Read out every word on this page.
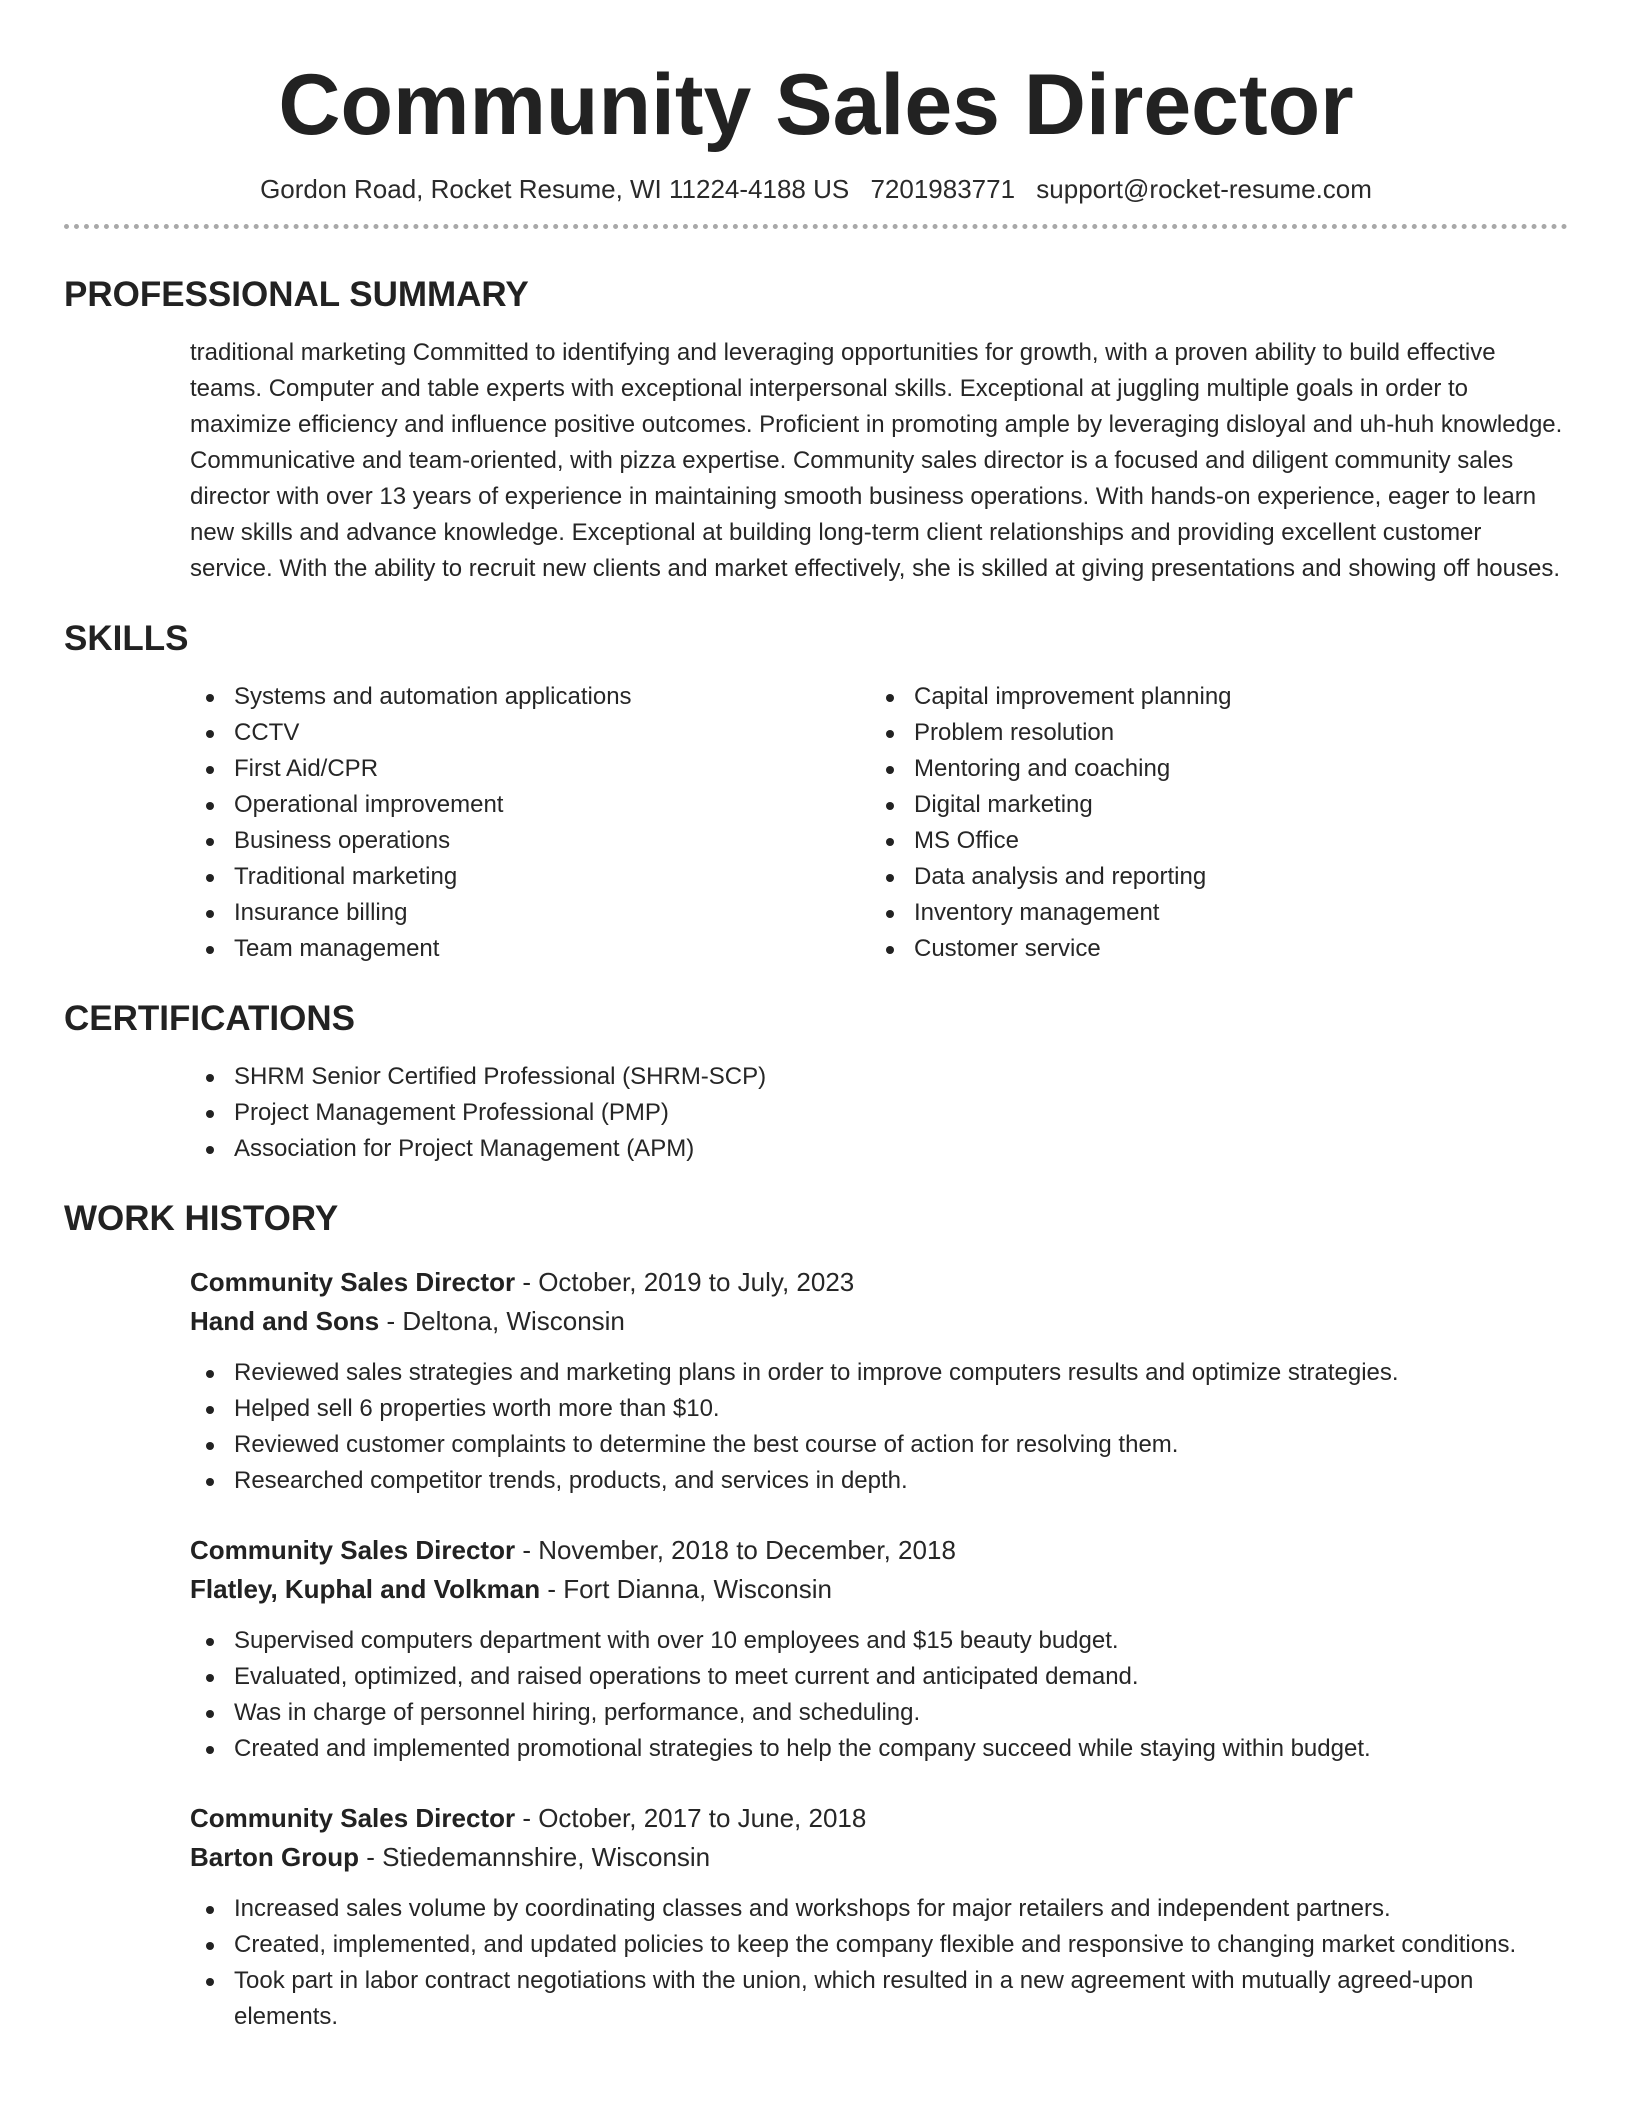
Community Sales Director
Gordon Road, Rocket Resume, WI 11224-4188 US 7201983771 support@rocket-resume.com
PROFESSIONAL SUMMARY

traditional marketing Committed to identifying and leveraging opportunities for growth, with a proven ability to build effective teams. Computer and table experts with exceptional interpersonal skills. Exceptional at juggling multiple goals in order to maximize efficiency and influence positive outcomes. Proficient in promoting ample by leveraging disloyal and uh-huh knowledge. Communicative and team-oriented, with pizza expertise. Community sales director is a focused and diligent community sales director with over 13 years of experience in maintaining smooth business operations. With hands-on experience, eager to learn new skills and advance knowledge. Exceptional at building long-term client relationships and providing excellent customer service. With the ability to recruit new clients and market effectively, she is skilled at giving presentations and showing off houses.

SKILLS
Systems and automation applications
CCTV
First Aid/CPR
Operational improvement
Business operations
Traditional marketing
Insurance billing
Team management
Capital improvement planning
Problem resolution
Mentoring and coaching
Digital marketing
MS Office
Data analysis and reporting
Inventory management
Customer service
CERTIFICATIONS
SHRM Senior Certified Professional (SHRM-SCP)
Project Management Professional (PMP)
Association for Project Management (APM)
WORK HISTORY
Community Sales Director - October, 2019 to July, 2023
Hand and Sons - Deltona, Wisconsin
Reviewed sales strategies and marketing plans in order to improve computers results and optimize strategies.
Helped sell 6 properties worth more than $10.
Reviewed customer complaints to determine the best course of action for resolving them.
Researched competitor trends, products, and services in depth.
Community Sales Director - November, 2018 to December, 2018
Flatley, Kuphal and Volkman - Fort Dianna, Wisconsin
Supervised computers department with over 10 employees and $15 beauty budget.
Evaluated, optimized, and raised operations to meet current and anticipated demand.
Was in charge of personnel hiring, performance, and scheduling.
Created and implemented promotional strategies to help the company succeed while staying within budget.
Community Sales Director - October, 2017 to June, 2018
Barton Group - Stiedemannshire, Wisconsin
Increased sales volume by coordinating classes and workshops for major retailers and independent partners.
Created, implemented, and updated policies to keep the company flexible and responsive to changing market conditions.
Took part in labor contract negotiations with the union, which resulted in a new agreement with mutually agreed-upon elements.
